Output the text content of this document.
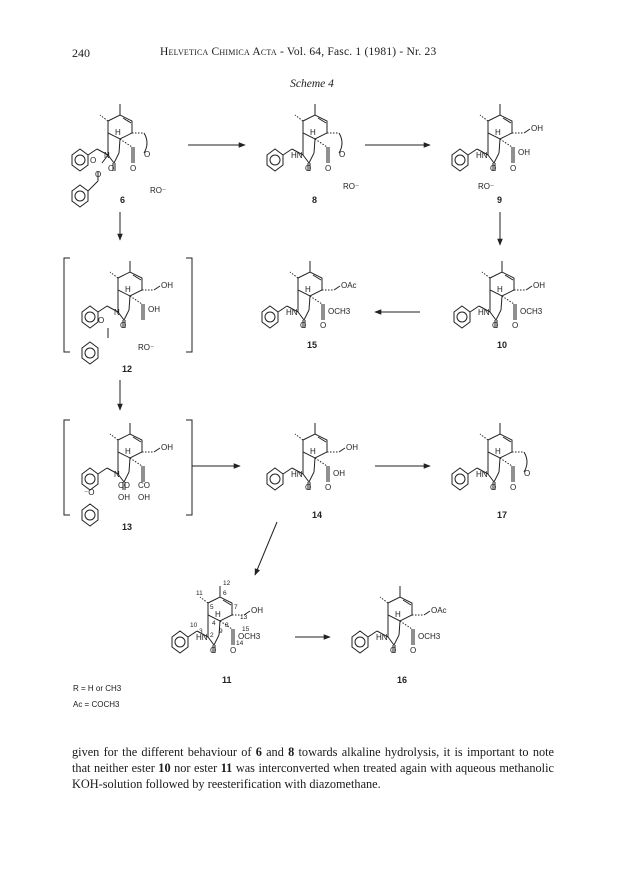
240	Helvetica Chimica Acta - Vol. 64, Fasc. 1 (1981) - Nr. 23
Scheme 4
H
N
O
O
O
O O
RO⁻
6
H
HN	O
O O
RO⁻
8
OH
OH
H
HN
O O
RO⁻
9
OH
OH
H
N
O
O
RO⁻
12
OAc
OCH3
H
HN
O O
15
OH
OCH3
H
HN
O O
10
OH
H
N
CO CO
OH OH
⁻O
13
OH
OH
H
HN
O O
14
H
HN	O
O O
17
OH
OCH3
H
HN
O O
12
11	6
5	7
10 4
13
3
8
9	15
2
14
11
OAc
OCH3
H
HN
O O
16
R = H or CH3
Ac = COCH3
given for the different behaviour of 6 and 8 towards alkaline hydrolysis, it is important to note that neither ester 10 nor ester 11 was interconverted when treated again with aqueous methanolic KOH-solution followed by reesterification with diazomethane.
